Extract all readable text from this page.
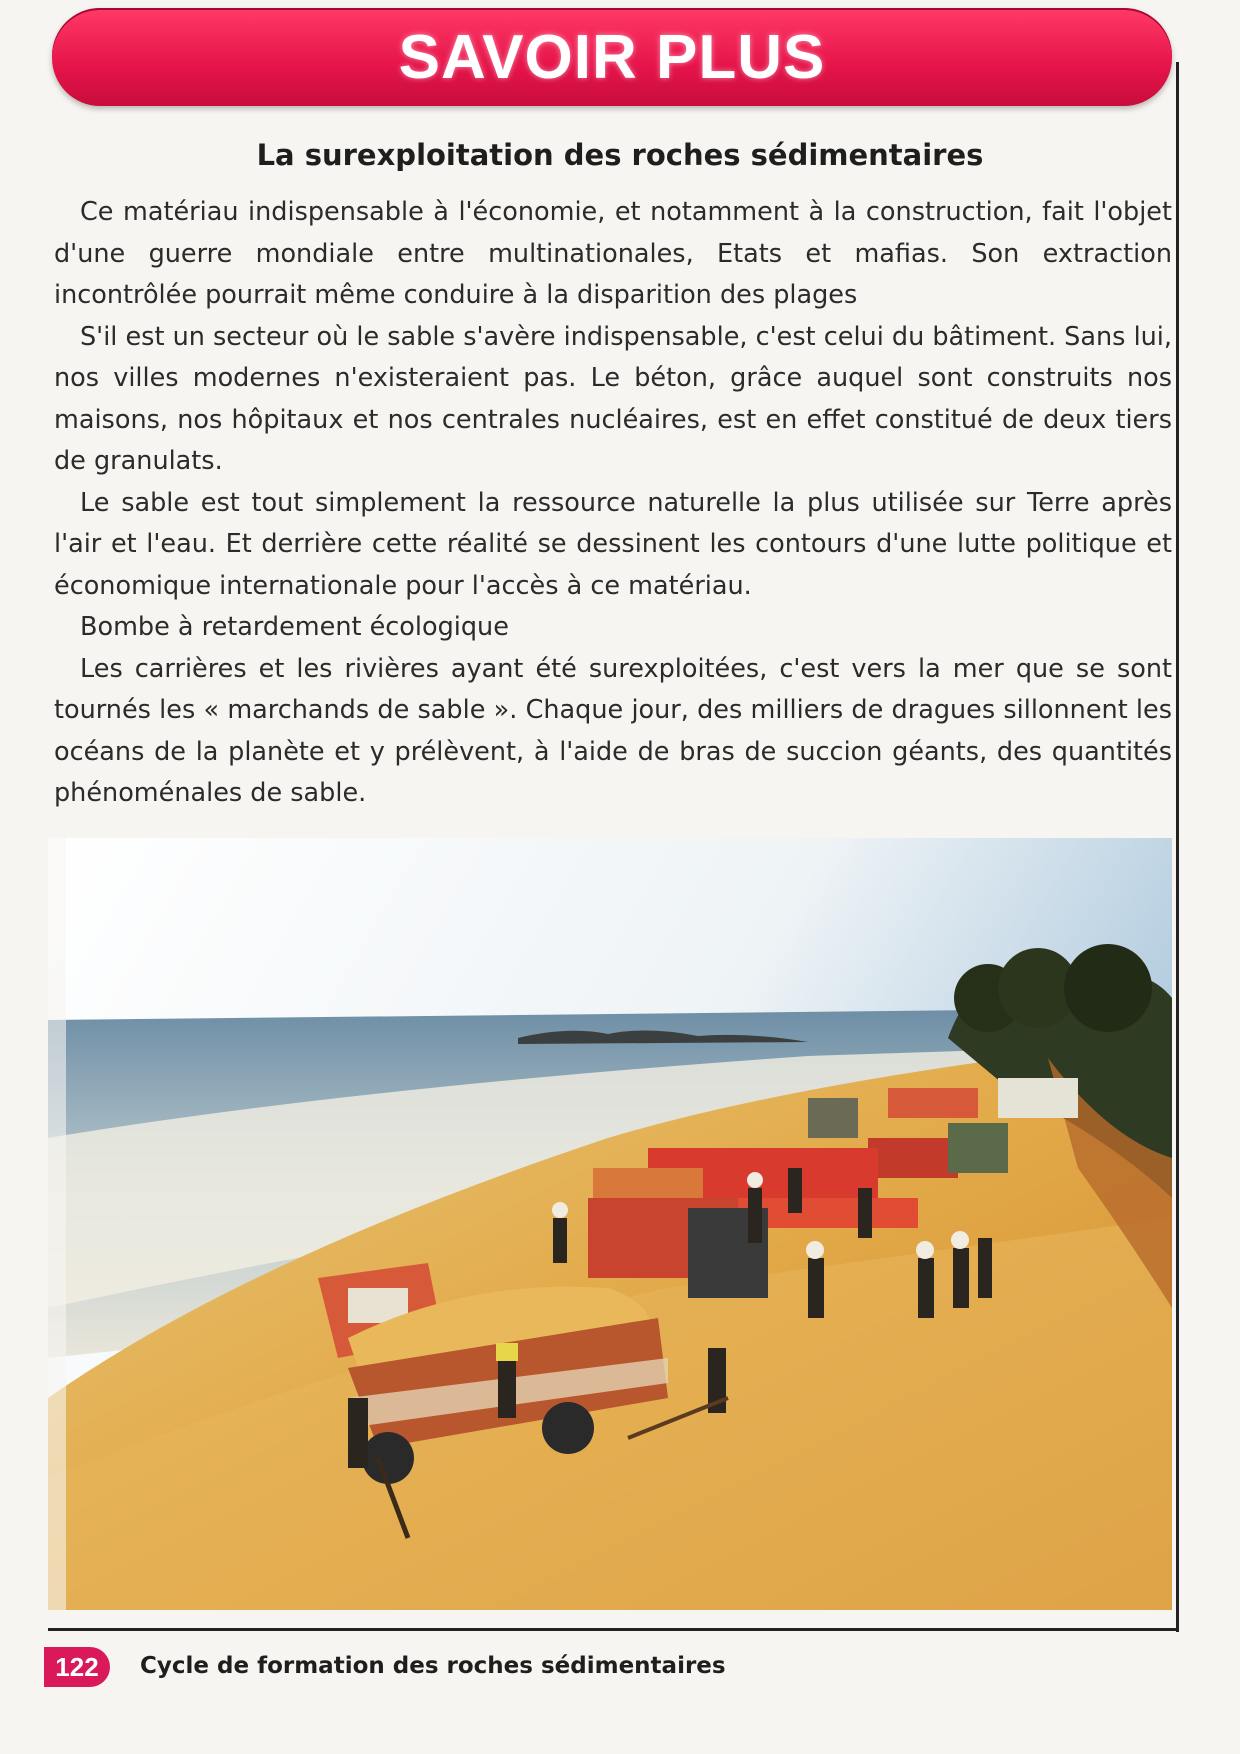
SAVOIR PLUS
La surexploitation des roches sédimentaires

Ce matériau indispensable à l'économie, et notamment à la construction, fait l'objet d'une guerre mondiale entre multinationales, Etats et mafias. Son extraction incontrôlée pourrait même conduire à la disparition des plages

S'il est un secteur où le sable s'avère indispensable, c'est celui du bâtiment. Sans lui, nos villes modernes n'existeraient pas. Le béton, grâce auquel sont construits nos maisons, nos hôpitaux et nos centrales nucléaires, est en effet constitué de deux tiers de granulats.

Le sable est tout simplement la ressource naturelle la plus utilisée sur Terre après l'air et l'eau. Et derrière cette réalité se dessinent les contours d'une lutte politique et économique internationale pour l'accès à ce matériau.

Bombe à retardement écologique

Les carrières et les rivières ayant été surexploitées, c'est vers la mer que se sont tournés les « marchands de sable ». Chaque jour, des milliers de dragues sillonnent les océans de la planète et y prélèvent, à l'aide de bras de succion géants, des quantités phénoménales de sable.

122	Cycle de formation des roches sédimentaires
